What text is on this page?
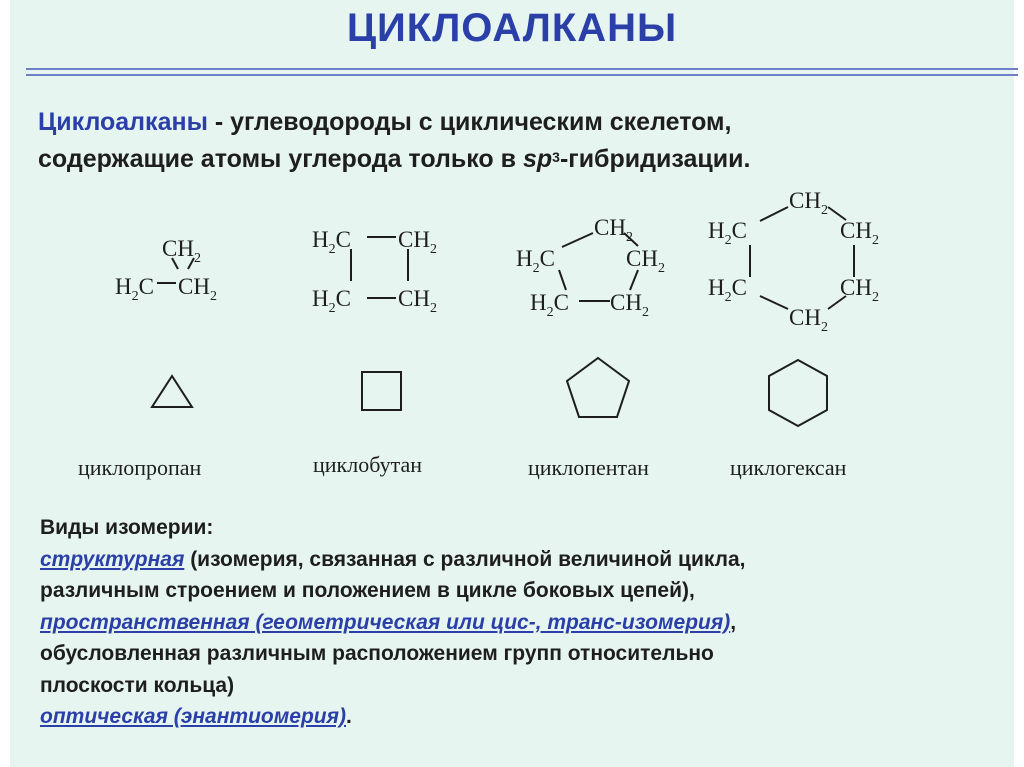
ЦИКЛОАЛКАНЫ
Циклоалканы - углеводороды с циклическим скелетом,
содержащие атомы углерода только в $sp^3$-гибридизации.
$CH_2$
$H_2C$ $CH_2$
$H_2C$ $CH_2$
$H_2C$ $CH_2$
$CH_2$
$H_2C$	$CH_2$
$H_2C$ $CH_2$
$CH_2$
$H_2C$	$CH_2$
$H_2C$	$CH_2$
$CH_2$
циклопропан	циклобутан	циклопентан	циклогексан
Виды изомерии:
структурная (изомерия, связанная с различной величиной цикла,
различным строением и положением в цикле боковых цепей),
пространственная (геометрическая или цис-, транс-изомерия),
обусловленная различным расположением групп относительно
плоскости кольца)
оптическая (энантиомерия).
